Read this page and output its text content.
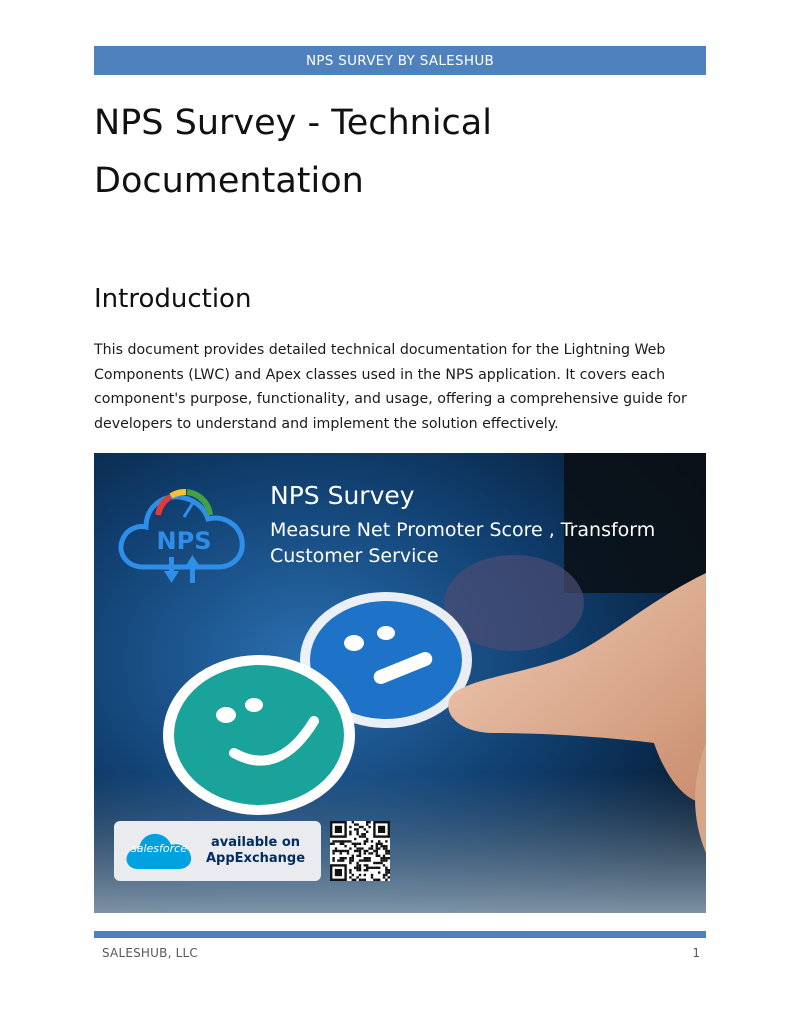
NPS SURVEY BY SALESHUB
NPS Survey - Technical Documentation
Introduction

This document provides detailed technical documentation for the Lightning Web Components (LWC) and Apex classes used in the NPS application. It covers each component's purpose, functionality, and usage, offering a comprehensive guide for developers to understand and implement the solution effectively.

NPS
NPS Survey

Measure Net Promoter Score , Transform Customer Service

salesforce	available on
AppExchange
SALESHUB, LLC	1
